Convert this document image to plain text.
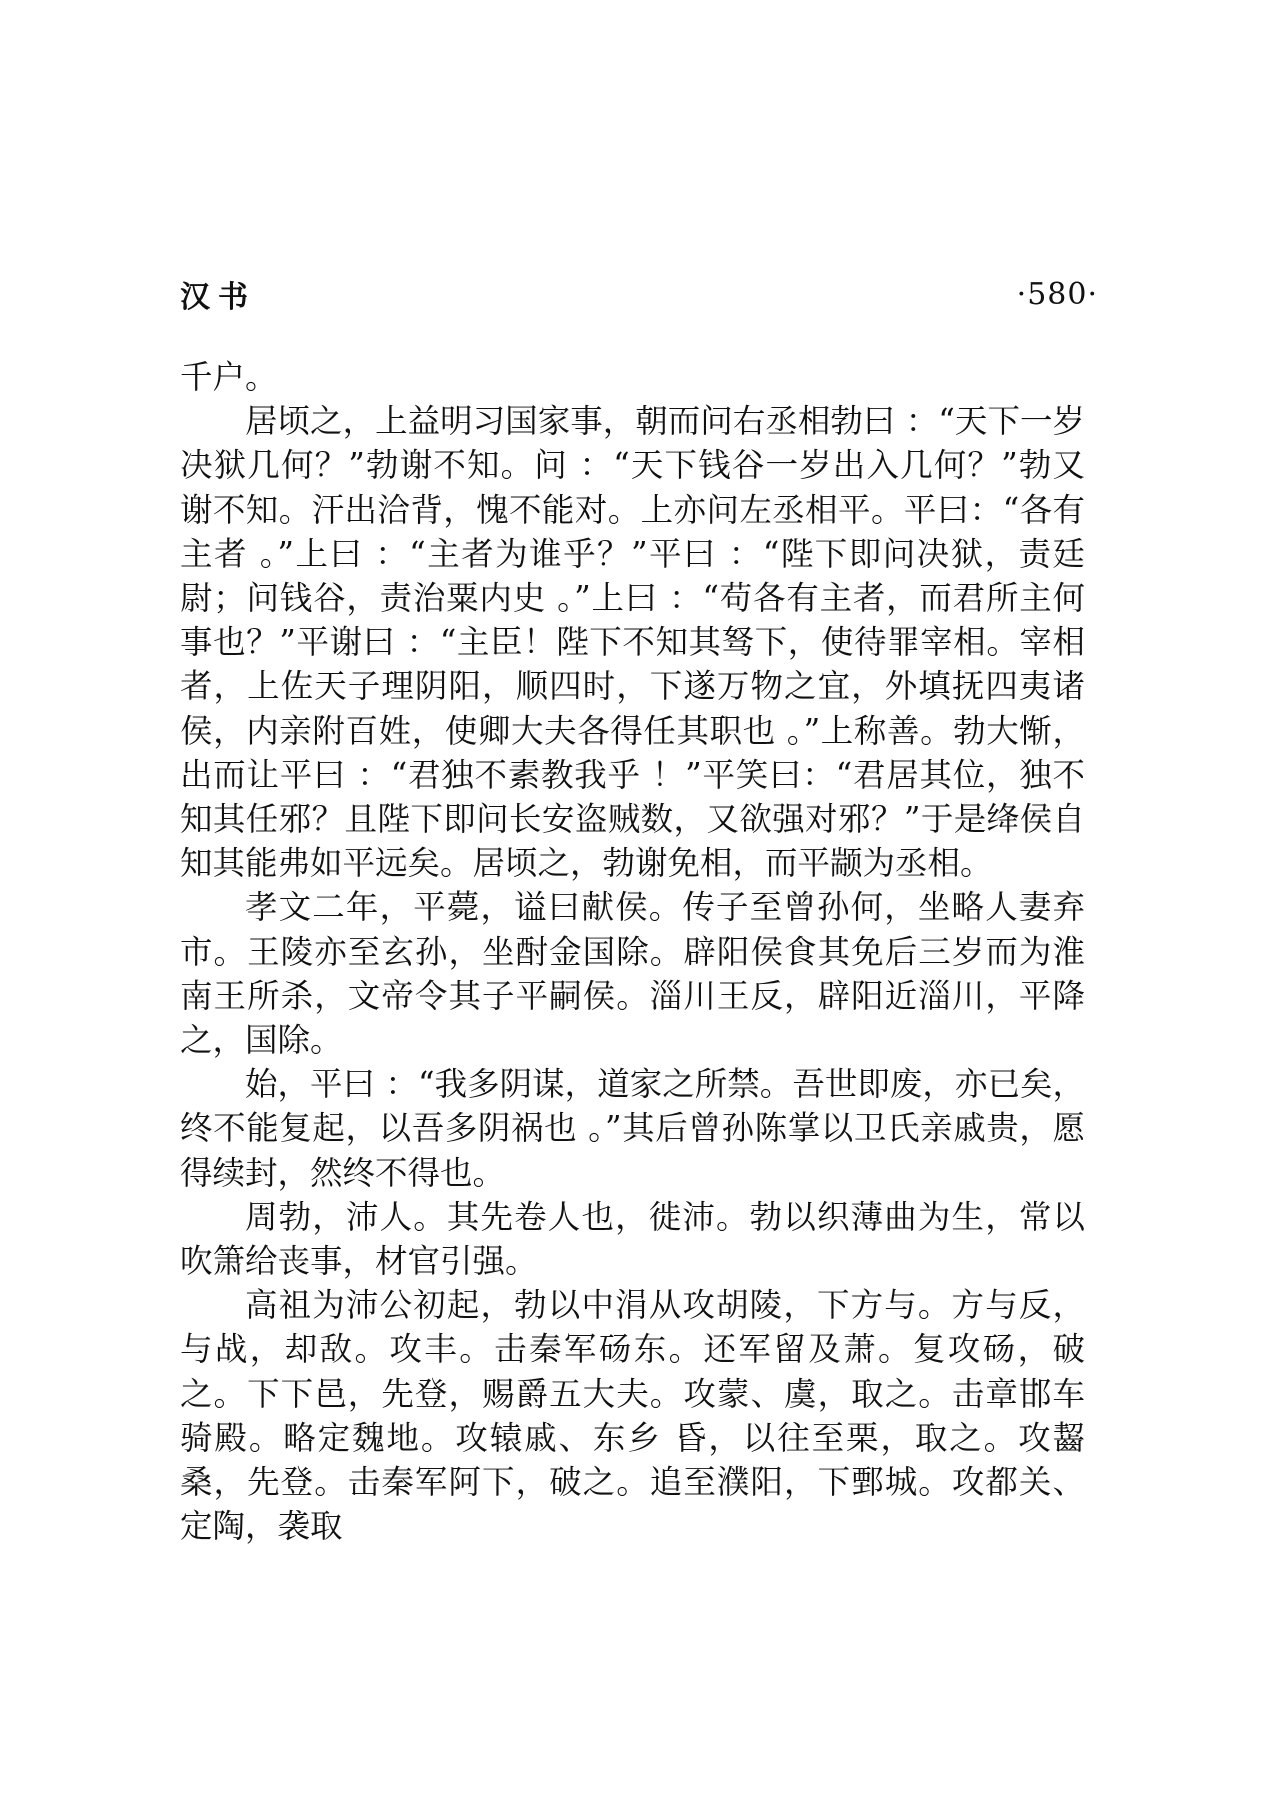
汉书	·580·

千户。

居顷之，上益明习国家事，朝而问右丞相勃曰 ：“天下一岁决狱几何？”勃谢不知。问 ：“天下钱谷一岁出入几何？”勃又谢不知。汗出洽背，愧不能对。上亦问左丞相平。平曰：“各有主者 。”上曰 ：“主者为谁乎？”平曰 ：“陛下即问决狱，责廷尉；问钱谷，责治粟内史 。”上曰 ：“苟各有主者，而君所主何事也？”平谢曰 ：“主臣！陛下不知其驽下，使待罪宰相。宰相者，上佐天子理阴阳，顺四时，下遂万物之宜，外填抚四夷诸侯，内亲附百姓，使卿大夫各得任其职也 。”上称善。勃大惭，出而让平曰 ：“君独不素教我乎 ！”平笑曰：“君居其位，独不知其任邪？且陛下即问长安盗贼数，又欲强对邪？”于是绛侯自知其能弗如平远矣。居顷之，勃谢免相，而平颛为丞相。

孝文二年，平薨，谥曰献侯。传子至曾孙何，坐略人妻弃市。王陵亦至玄孙，坐酎金国除。辟阳侯食其免后三岁而为淮南王所杀，文帝令其子平嗣侯。淄川王反，辟阳近淄川，平降之，国除。

始，平曰 ：“我多阴谋，道家之所禁。吾世即废，亦已矣，终不能复起，以吾多阴祸也 。”其后曾孙陈掌以卫氏亲戚贵，愿得续封，然终不得也。

周勃，沛人。其先卷人也，徙沛。勃以织薄曲为生，常以吹箫给丧事，材官引强。

高祖为沛公初起，勃以中涓从攻胡陵，下方与。方与反，与战，却敌。攻丰。击秦军砀东。还军留及萧。复攻砀，破之。下下邑，先登，赐爵五大夫。攻蒙、虞，取之。击章邯车骑殿。略定魏地。攻辕戚、东乡 昏，以往至栗，取之。攻齧桑，先登。击秦军阿下，破之。追至濮阳，下鄄城。攻都关、定陶，袭取
